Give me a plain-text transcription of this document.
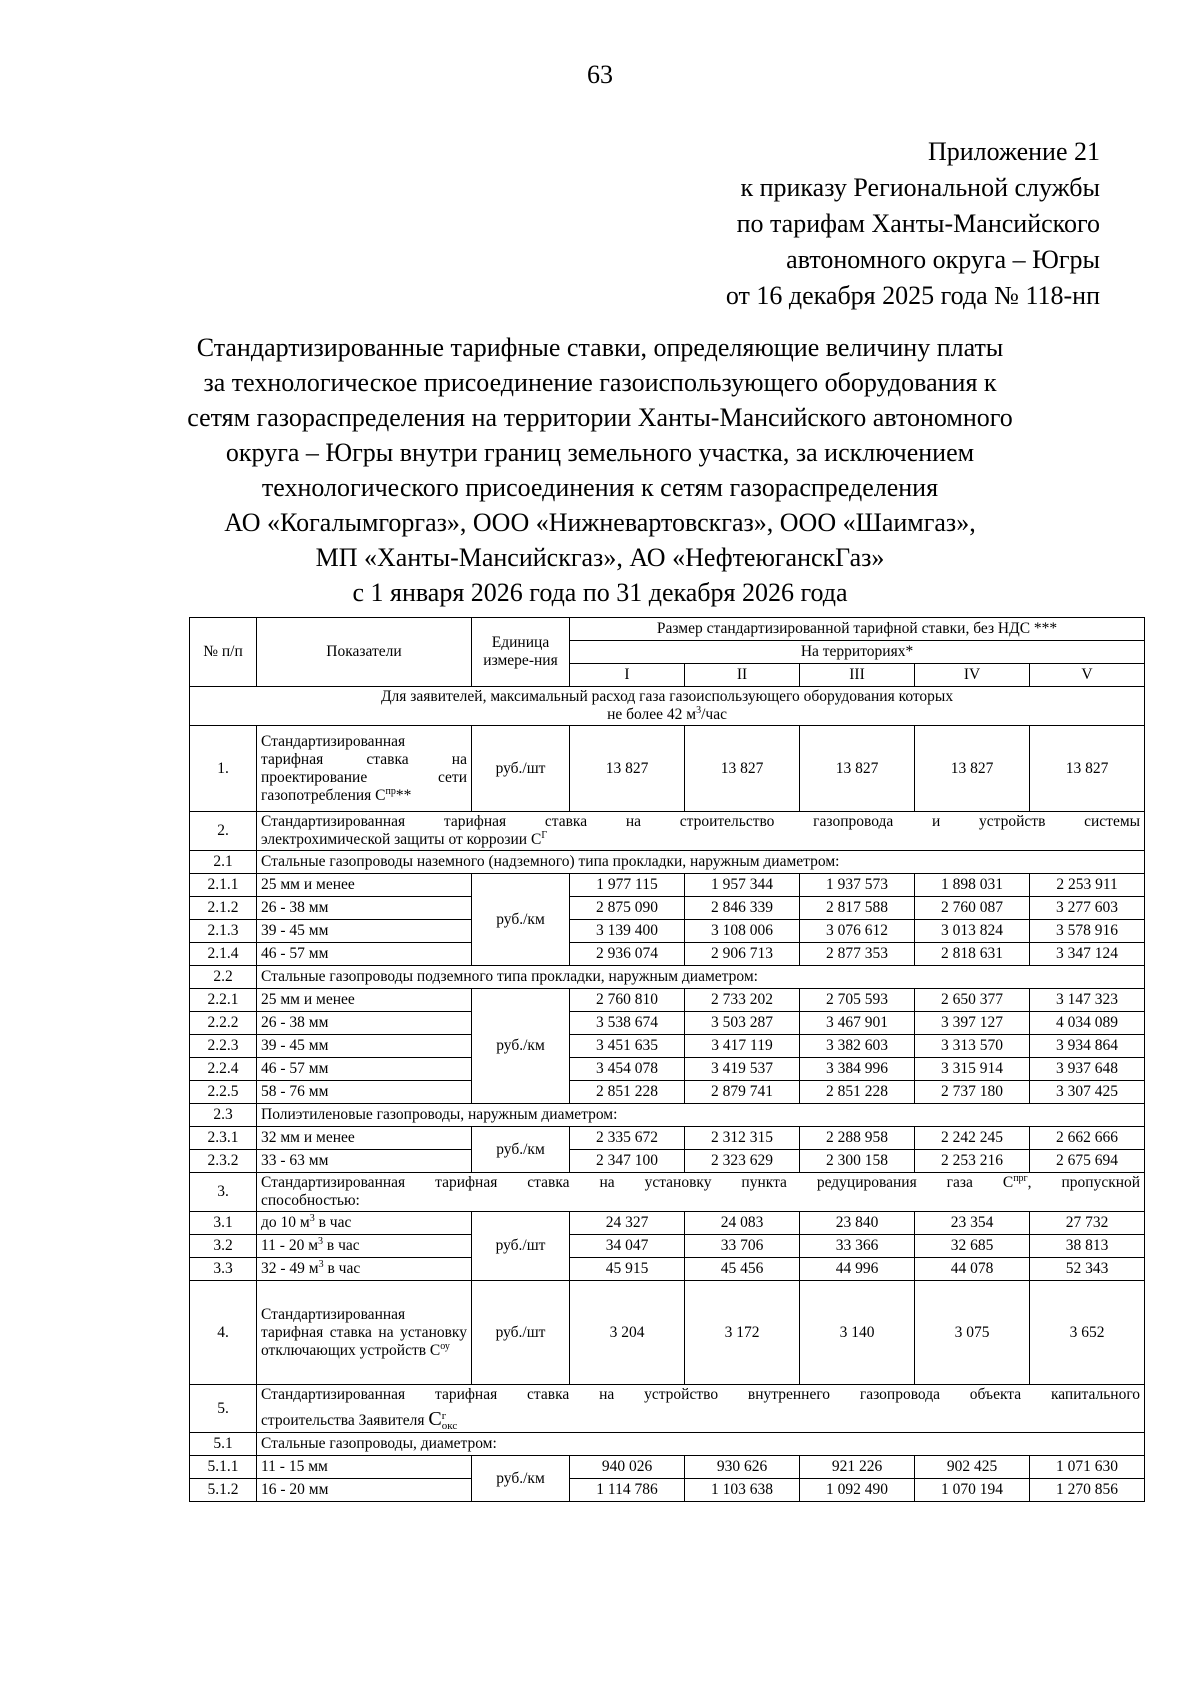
63
Приложение 21
к приказу Региональной службы
по тарифам Ханты-Мансийского
автономного округа – Югры
от 16 декабря 2025 года № 118-нп
Стандартизированные тарифные ставки, определяющие величину платы
за технологическое присоединение газоиспользующего оборудования к
сетям газораспределения на территории Ханты-Мансийского автономного
округа – Югры внутри границ земельного участка, за исключением
технологического присоединения к сетям газораспределения
АО «Когалымгоргаз», ООО «Нижневартовскгаз», ООО «Шаимгаз»,
МП «Ханты-Мансийскгаз», АО «НефтеюганскГаз»
с 1 января 2026 года по 31 декабря 2026 года
№ п/п	Показатели	Единица измере-ния	Размер стандартизированной тарифной ставки, без НДС ***				
			На территориях*				
			I	II	III	IV	V

Для заявителей, максимальный расход газа газоиспользующего оборудования которых
не более 42 $м^3$/час							

1.	Стандартизированная тарифная ставка на проектирование сети газопотребления $С^{пр}**$	руб./шт	13 827	13 827	13 827	13 827	13 827
2.	Стандартизированная тарифная ставка на строительство газопровода и устройств системы
электрохимической защиты от коррозии $С^Г$

2.1	Стальные газопроводы наземного (надземного) типа прокладки, наружным диаметром:						
2.1.1	25 мм и менее	руб./км	1 977 115	1 957 344	1 937 573	1 898 031	2 253 911
2.1.2	26 - 38 мм		2 875 090	2 846 339	2 817 588	2 760 087	3 277 603
2.1.3	39 - 45 мм		3 139 400	3 108 006	3 076 612	3 013 824	3 578 916
2.1.4	46 - 57 мм		2 936 074	2 906 713	2 877 353	2 818 631	3 347 124
2.2	Стальные газопроводы подземного типа прокладки, наружным диаметром:						
2.2.1	25 мм и менее	руб./км	2 760 810	2 733 202	2 705 593	2 650 377	3 147 323
2.2.2	26 - 38 мм		3 538 674	3 503 287	3 467 901	3 397 127	4 034 089
2.2.3	39 - 45 мм		3 451 635	3 417 119	3 382 603	3 313 570	3 934 864
2.2.4	46 - 57 мм		3 454 078	3 419 537	3 384 996	3 315 914	3 937 648
2.2.5	58 - 76 мм		2 851 228	2 879 741	2 851 228	2 737 180	3 307 425
2.3	Полиэтиленовые газопроводы, наружным диаметром:						
2.3.1	32 мм и менее	руб./км	2 335 672	2 312 315	2 288 958	2 242 245	2 662 666
2.3.2	33 - 63 мм		2 347 100	2 323 629	2 300 158	2 253 216	2 675 694
3.	Стандартизированная тарифная ставка на установку пункта редуцирования газа $С^{прг}$, пропускной
способностью:						

3.1	до 10 $м^3$ в час	руб./шт	24 327	24 083	23 840	23 354	27 732
3.2	11 - 20 $м^3$ в час		34 047	33 706	33 366	32 685	38 813
3.3	32 - 49 $м^3$ в час		45 915	45 456	44 996	44 078	52 343
4.	Стандартизированная тарифная ставка на установку отключающих устройств $С^{оу}$	руб./шт	3 204	3 172	3 140	3 075	3 652
5.	Стандартизированная тарифная ставка на устройство внутреннего газопровода объекта капитального
строительства Заявителя С г
окс						

5.1	Стальные газопроводы, диаметром:						
5.1.1	11 - 15 мм	руб./км	940 026	930 626	921 226	902 425	1 071 630
5.1.2	16 - 20 мм		1 114 786	1 103 638	1 092 490	1 070 194	1 270 856
